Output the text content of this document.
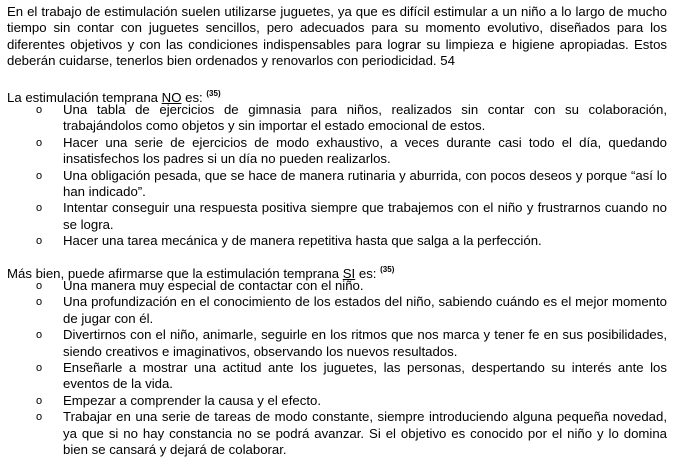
En el trabajo de estimulación suelen utilizarse juguetes, ya que es difícil estimular a un niño a lo largo de mucho tiempo sin contar con juguetes sencillos, pero adecuados para su momento evolutivo, diseñados para los diferentes objetivos y con las condiciones indispensables para lograr su limpieza e higiene apropiadas. Estos deberán cuidarse, tenerlos bien ordenados y renovarlos con periodicidad. 54

La estimulación temprana NO es: $^{(35)}$

o Una tabla de ejercicios de gimnasia para niños, realizados sin contar con su colaboración, trabajándolos como objetos y sin importar el estado emocional de estos.
o Hacer una serie de ejercicios de modo exhaustivo, a veces durante casi todo el día, quedando insatisfechos los padres si un día no pueden realizarlos.
o Una obligación pesada, que se hace de manera rutinaria y aburrida, con pocos deseos y porque “así lo han indicado”.
o Intentar conseguir una respuesta positiva siempre que trabajemos con el niño y frustrarnos cuando no se logra.
o Hacer una tarea mecánica y de manera repetitiva hasta que salga a la perfección.

Más bien, puede afirmarse que la estimulación temprana SI es: $^{(35)}$

o Una manera muy especial de contactar con el niño.
o Una profundización en el conocimiento de los estados del niño, sabiendo cuándo es el mejor momento de jugar con él.
o Divertirnos con el niño, animarle, seguirle en los ritmos que nos marca y tener fe en sus posibilidades, siendo creativos e imaginativos, observando los nuevos resultados.
o Enseñarle a mostrar una actitud ante los juguetes, las personas, despertando su interés ante los eventos de la vida.
o Empezar a comprender la causa y el efecto.
o Trabajar en una serie de tareas de modo constante, siempre introduciendo alguna pequeña novedad, ya que si no hay constancia no se podrá avanzar. Si el objetivo es conocido por el niño y lo domina bien se cansará y dejará de colaborar.
